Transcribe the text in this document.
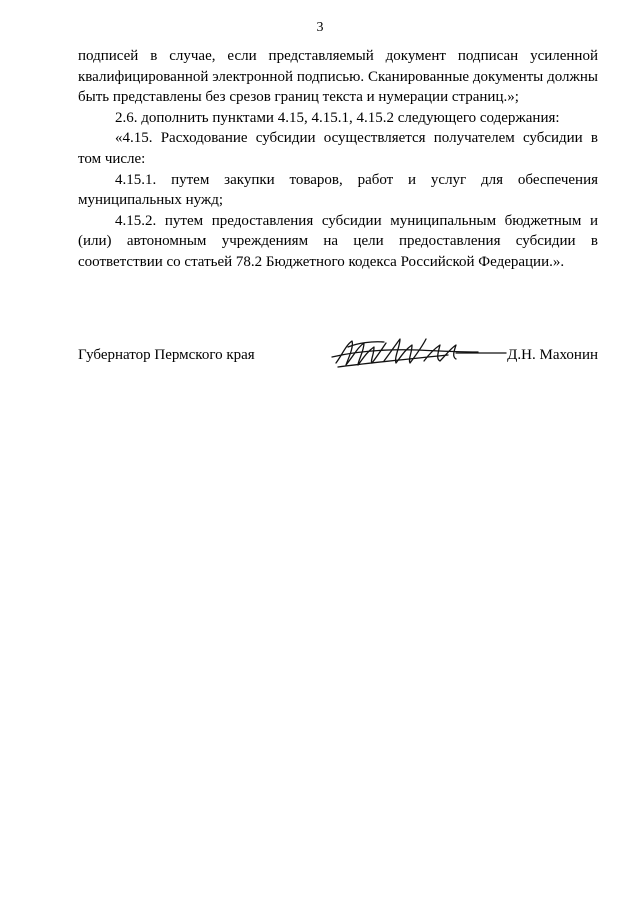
3

подписей в случае, если представляемый документ подписан усиленной квалифицированной электронной подписью. Сканированные документы должны быть представлены без срезов границ текста и нумерации страниц.»;

2.6. дополнить пунктами 4.15, 4.15.1, 4.15.2 следующего содержания:

«4.15. Расходование субсидии осуществляется получателем субсидии в том числе:

4.15.1. путем закупки товаров, работ и услуг для обеспечения муниципальных нужд;

4.15.2. путем предоставления субсидии муниципальным бюджетным и (или) автономным учреждениям на цели предоставления субсидии в соответствии со статьей 78.2 Бюджетного кодекса Российской Федерации.».

Губернатор Пермского края	Д.Н. Махонин
